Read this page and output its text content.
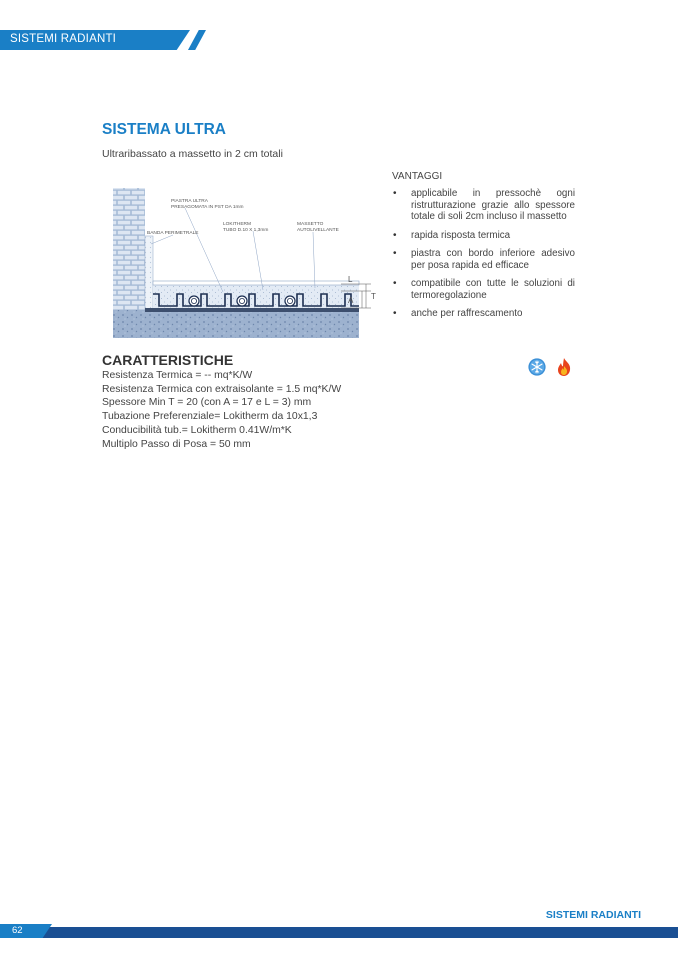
SISTEMI RADIANTI
SISTEMA ULTRA
Ultraribassato a massetto in 2 cm totali
PIASTRA ULTRA
PRESAGOMATA IN PST DA 1mm
LOKITHERM
TUBO D.10 X 1,3mm
MASSETTO
AUTOLIVELLANTE
BANDA PERIMETRALE
L
A T
VANTAGGI
• applicabile in pressochè ogni ristrutturazione grazie allo spessore totale di soli 2cm incluso il massetto
• rapida risposta termica
• piastra con bordo inferiore adesivo per posa rapida ed efficace
• compatibile con tutte le soluzioni di termoregolazione
• anche per raffrescamento
CARATTERISTICHE
Resistenza Termica = -- mq*K/W
Resistenza Termica con extraisolante = 1.5 mq*K/W
Spessore Min T = 20 (con A = 17 e L = 3) mm
Tubazione Preferenziale= Lokitherm da 10x1,3
Conducibilità tub.= Lokitherm 0.41W/m*K
Multiplo Passo di Posa = 50 mm
SISTEMI RADIANTI
62
